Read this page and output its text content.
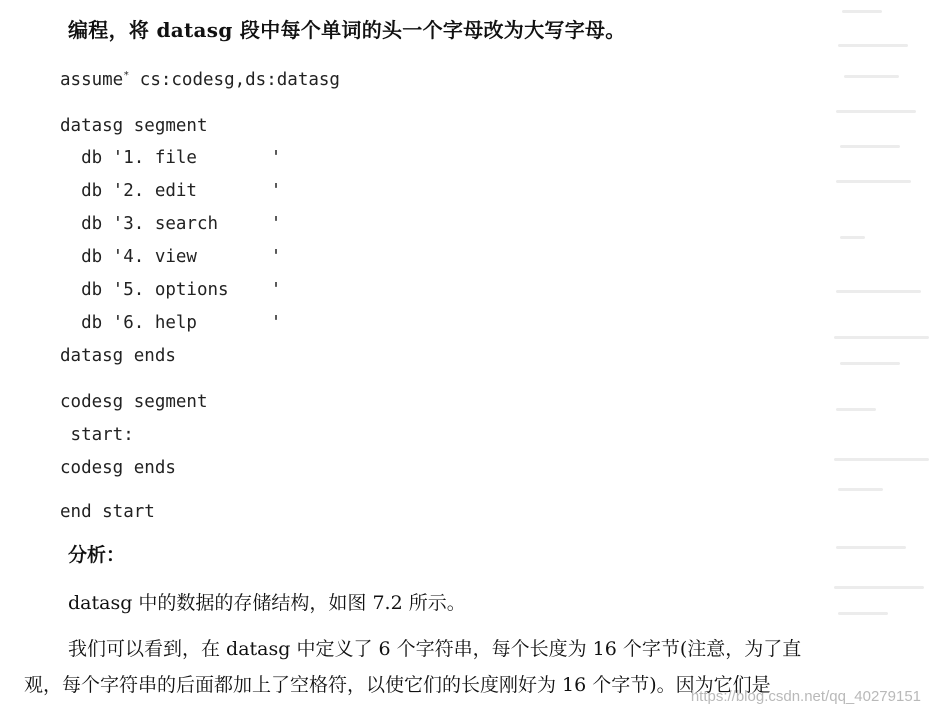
编程，将 datasg 段中每个单词的头一个字母改为大写字母。
assume* cs:codesg,ds:datasg
datasg segment
db '1. file       '
db '2. edit       '
db '3. search     '
db '4. view       '
db '5. options    '
db '6. help       '
datasg ends
codesg segment
start:
codesg ends
end start
分析：
datasg 中的数据的存储结构，如图 7.2 所示。
我们可以看到，在 datasg 中定义了 6 个字符串，每个长度为 16 个字节(注意，为了直
观，每个字符串的后面都加上了空格符，以使它们的长度刚好为 16 个字节)。因为它们是
https://blog.csdn.net/qq_40279151
